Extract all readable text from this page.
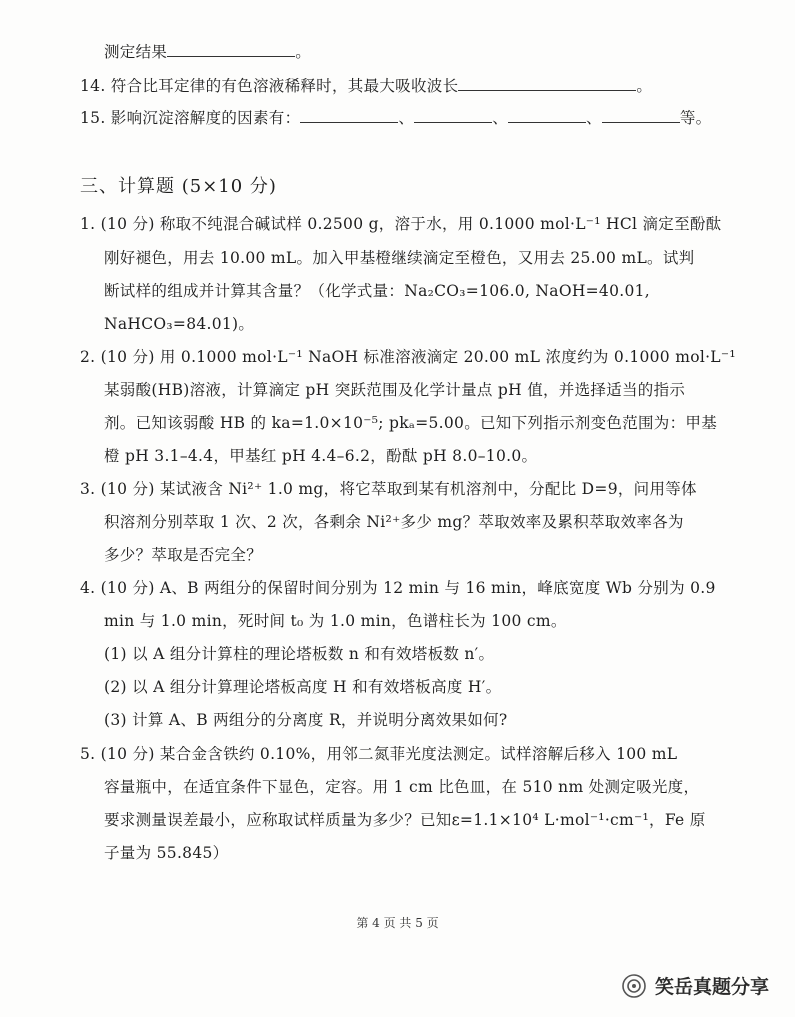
测定结果	。
14. 符合比耳定律的有色溶液稀释时，其最大吸收波长	。
15. 影响沉淀溶解度的因素有：	、	、	、	等。
三、计算题 (5×10 分)
1. (10 分) 称取不纯混合碱试样 0.2500 g，溶于水，用 0.1000 mol·L⁻¹ HCl 滴定至酚酞
刚好褪色，用去 10.00 mL。加入甲基橙继续滴定至橙色，又用去 25.00 mL。试判
断试样的组成并计算其含量？（化学式量：Na₂CO₃=106.0, NaOH=40.01,
NaHCO₃=84.01)。
2. (10 分) 用 0.1000 mol·L⁻¹ NaOH 标准溶液滴定 20.00 mL 浓度约为 0.1000 mol·L⁻¹
某弱酸(HB)溶液，计算滴定 pH 突跃范围及化学计量点 pH 值，并选择适当的指示
剂。已知该弱酸 HB 的 ka=1.0×10⁻⁵; pkₐ=5.00。已知下列指示剂变色范围为：甲基
橙 pH 3.1–4.4，甲基红 pH 4.4–6.2，酚酞 pH 8.0–10.0。
3. (10 分) 某试液含 Ni²⁺ 1.0 mg，将它萃取到某有机溶剂中，分配比 D=9，问用等体
积溶剂分别萃取 1 次、2 次，各剩余 Ni²⁺多少 mg？萃取效率及累积萃取效率各为
多少？萃取是否完全？
4. (10 分) A、B 两组分的保留时间分别为 12 min 与 16 min，峰底宽度 Wb 分别为 0.9
min 与 1.0 min，死时间 t₀ 为 1.0 min，色谱柱长为 100 cm。
(1) 以 A 组分计算柱的理论塔板数 n 和有效塔板数 n′。
(2) 以 A 组分计算理论塔板高度 H 和有效塔板高度 H′。
(3) 计算 A、B 两组分的分离度 R，并说明分离效果如何?
5. (10 分) 某合金含铁约 0.10%，用邻二氮菲光度法测定。试样溶解后移入 100 mL
容量瓶中，在适宜条件下显色，定容。用 1 cm 比色皿，在 510 nm 处测定吸光度，
要求测量误差最小，应称取试样质量为多少？已知ε=1.1×10⁴ L·mol⁻¹·cm⁻¹，Fe 原
子量为 55.845）
第 4 页 共 5 页
笑岳真题分享
